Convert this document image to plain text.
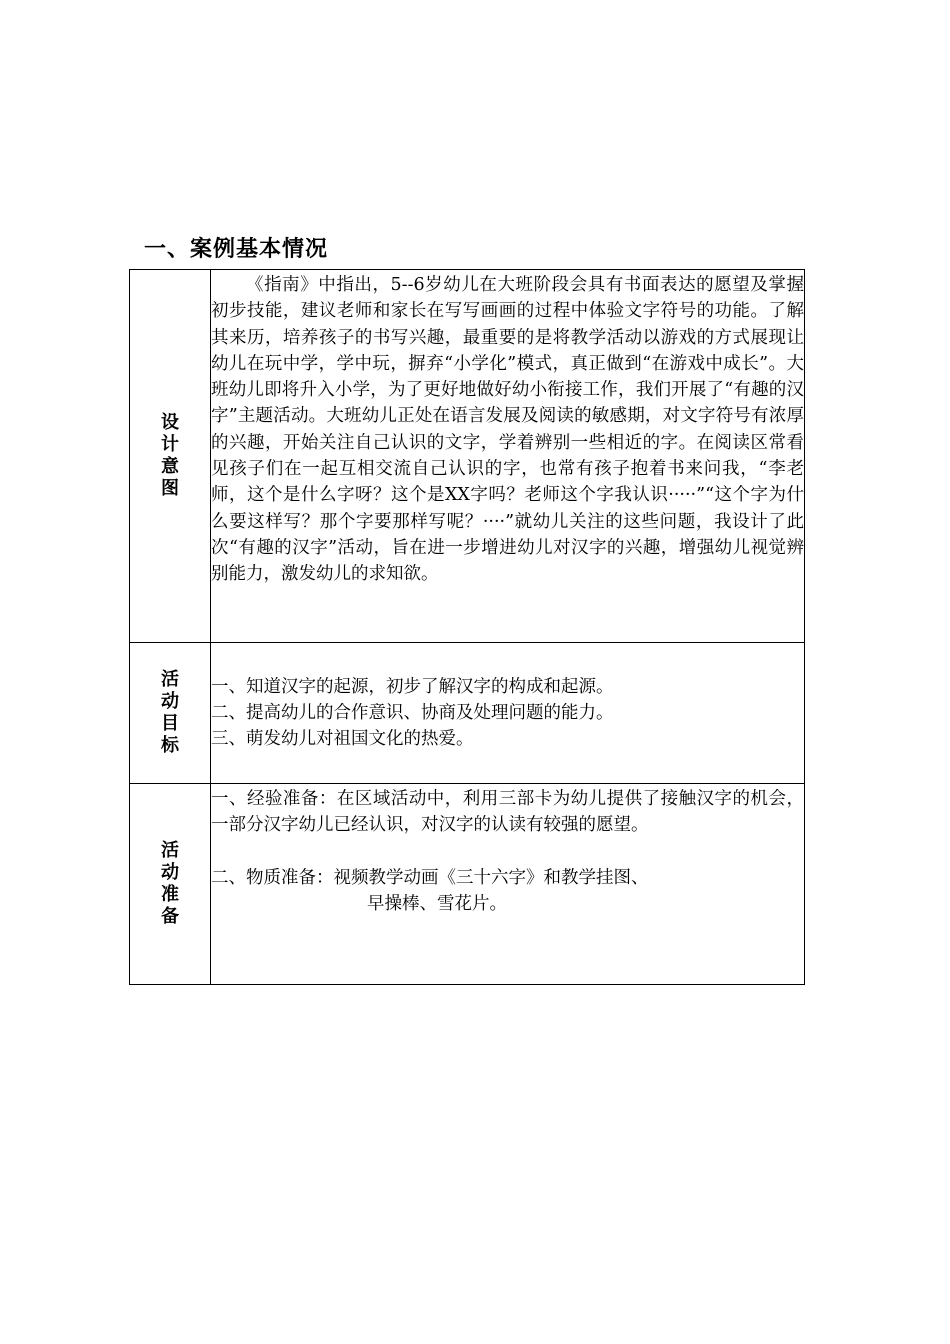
一、案例基本情况
设计意图	《指南》中指出，5--6岁幼儿在大班阶段会具有书面表达的愿望及掌握初步技能，建议老师和家长在写写画画的过程中体验文字符号的功能。了解其来历，培养孩子的书写兴趣，最重要的是将教学活动以游戏的方式展现让幼儿在玩中学，学中玩，摒弃“小学化”模式，真正做到“在游戏中成长”。大班幼儿即将升入小学，为了更好地做好幼小衔接工作，我们开展了“有趣的汉字”主题活动。大班幼儿正处在语言发展及阅读的敏感期，对文字符号有浓厚的兴趣，开始关注自己认识的文字，学着辨别一些相近的字。在阅读区常看见孩子们在一起互相交流自己认识的字，也常有孩子抱着书来问我，“李老师，这个是什么字呀？这个是XX字吗？老师这个字我认识·····”“这个字为什么要这样写？那个字要那样写呢？····”就幼儿关注的这些问题，我设计了此次“有趣的汉字”活动，旨在进一步增进幼儿对汉字的兴趣，增强幼儿视觉辨别能力，激发幼儿的求知欲。

活动目标	一、知道汉字的起源，初步了解汉字的构成和起源。
二、提高幼儿的合作意识、协商及处理问题的能力。
三、萌发幼儿对祖国文化的热爱。

活动准备	一、经验准备：在区域活动中，利用三部卡为幼儿提供了接触汉字的机会，一部分汉字幼儿已经认识，对汉字的认读有较强的愿望。
二、物质准备：视频教学动画《三十六字》和教学挂图、
早操棒、雪花片。
